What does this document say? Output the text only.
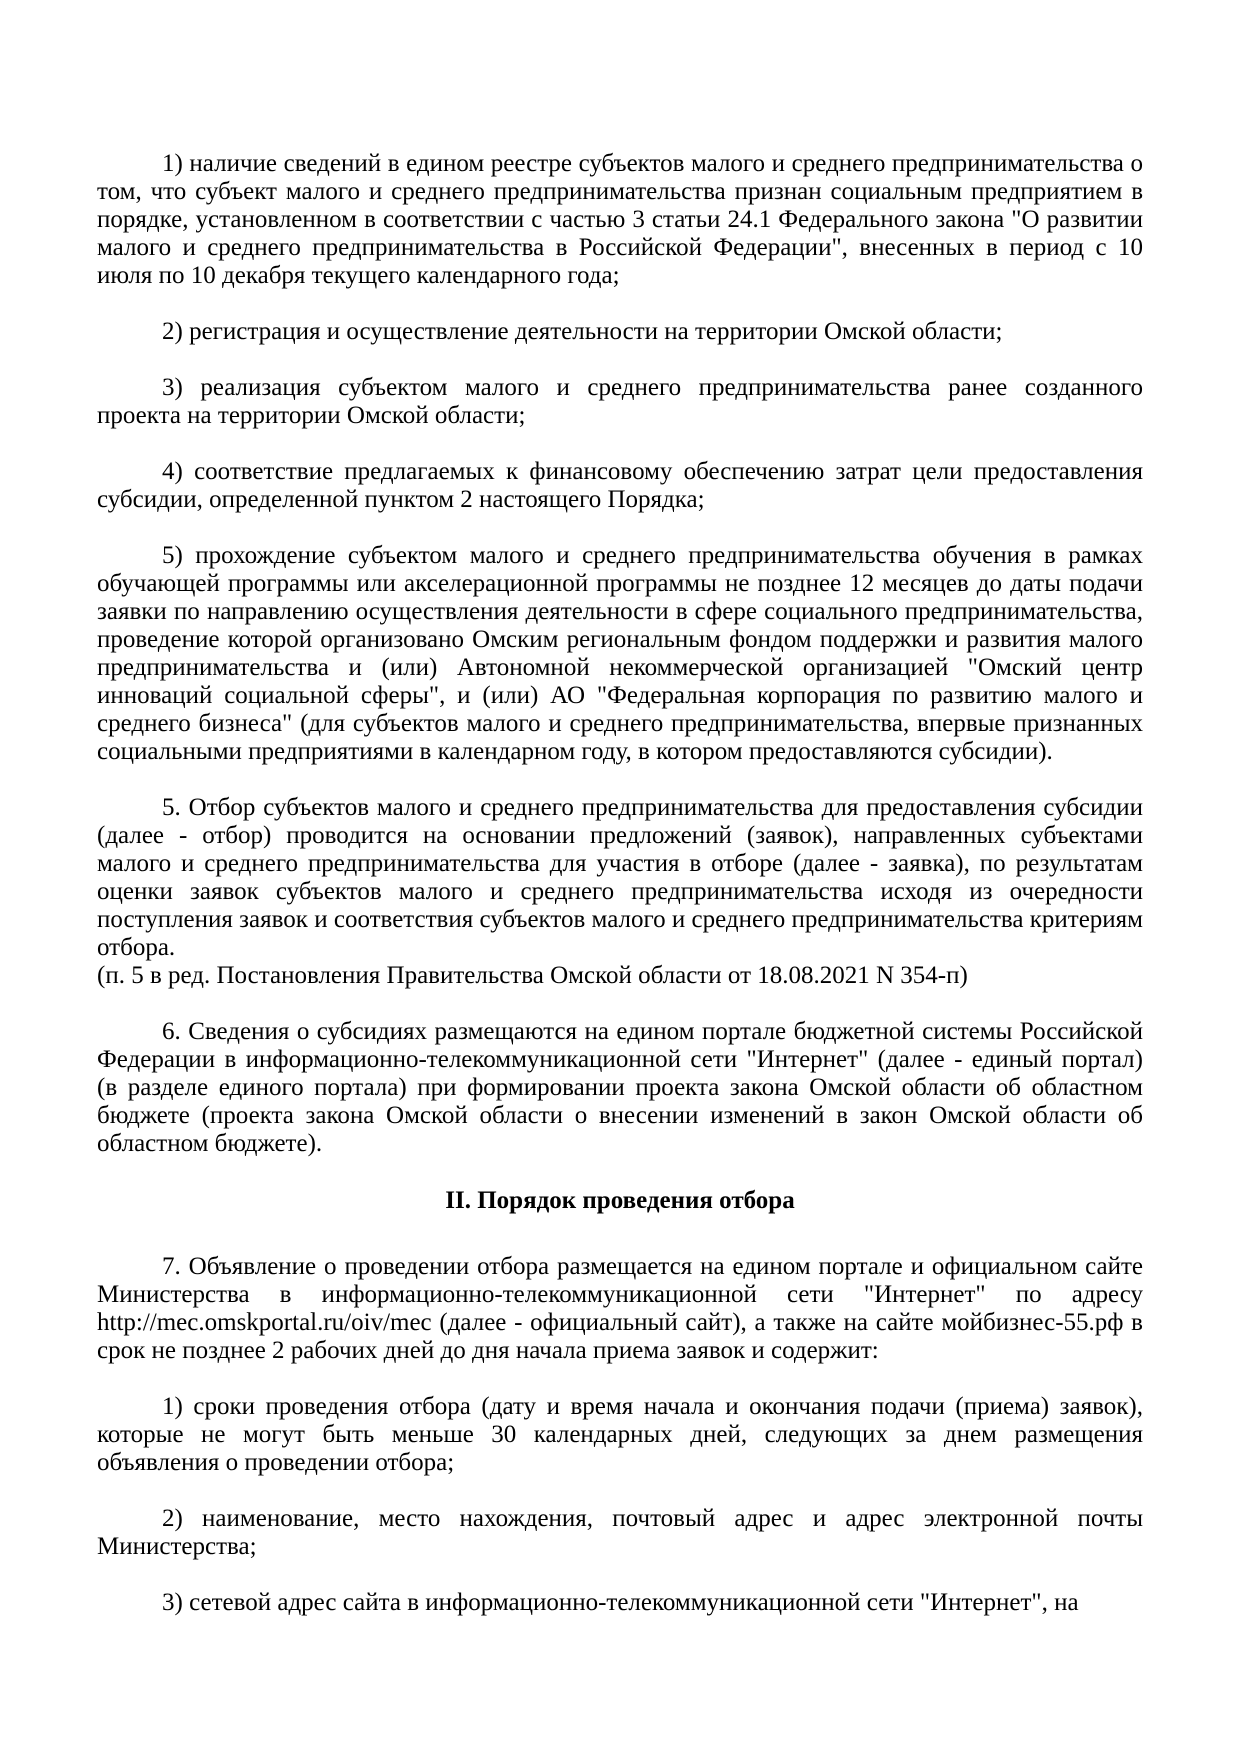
1) наличие сведений в едином реестре субъектов малого и среднего предпринимательства о том, что субъект малого и среднего предпринимательства признан социальным предприятием в порядке, установленном в соответствии с частью 3 статьи 24.1 Федерального закона "О развитии малого и среднего предпринимательства в Российской Федерации", внесенных в период с 10 июля по 10 декабря текущего календарного года;

2) регистрация и осуществление деятельности на территории Омской области;

3) реализация субъектом малого и среднего предпринимательства ранее созданного проекта на территории Омской области;

4) соответствие предлагаемых к финансовому обеспечению затрат цели предоставления субсидии, определенной пунктом 2 настоящего Порядка;

5) прохождение субъектом малого и среднего предпринимательства обучения в рамках обучающей программы или акселерационной программы не позднее 12 месяцев до даты подачи заявки по направлению осуществления деятельности в сфере социального предпринимательства, проведение которой организовано Омским региональным фондом поддержки и развития малого предпринимательства и (или) Автономной некоммерческой организацией "Омский центр инноваций социальной сферы", и (или) АО "Федеральная корпорация по развитию малого и среднего бизнеса" (для субъектов малого и среднего предпринимательства, впервые признанных социальными предприятиями в календарном году, в котором предоставляются субсидии).

5. Отбор субъектов малого и среднего предпринимательства для предоставления субсидии (далее - отбор) проводится на основании предложений (заявок), направленных субъектами малого и среднего предпринимательства для участия в отборе (далее - заявка), по результатам оценки заявок субъектов малого и среднего предпринимательства исходя из очередности поступления заявок и соответствия субъектов малого и среднего предпринимательства критериям отбора.

(п. 5 в ред. Постановления Правительства Омской области от 18.08.2021 N 354-п)

6. Сведения о субсидиях размещаются на едином портале бюджетной системы Российской Федерации в информационно-телекоммуникационной сети "Интернет" (далее - единый портал) (в разделе единого портала) при формировании проекта закона Омской области об областном бюджете (проекта закона Омской области о внесении изменений в закон Омской области об областном бюджете).

II. Порядок проведения отбора

7. Объявление о проведении отбора размещается на едином портале и официальном сайте Министерства в информационно-телекоммуникационной сети "Интернет" по адресу http://mec.omskportal.ru/oiv/mec (далее - официальный сайт), а также на сайте мойбизнес-55.рф в срок не позднее 2 рабочих дней до дня начала приема заявок и содержит:

1) сроки проведения отбора (дату и время начала и окончания подачи (приема) заявок), которые не могут быть меньше 30 календарных дней, следующих за днем размещения объявления о проведении отбора;

2) наименование, место нахождения, почтовый адрес и адрес электронной почты Министерства;

3) сетевой адрес сайта в информационно-телекоммуникационной сети "Интернет", на
